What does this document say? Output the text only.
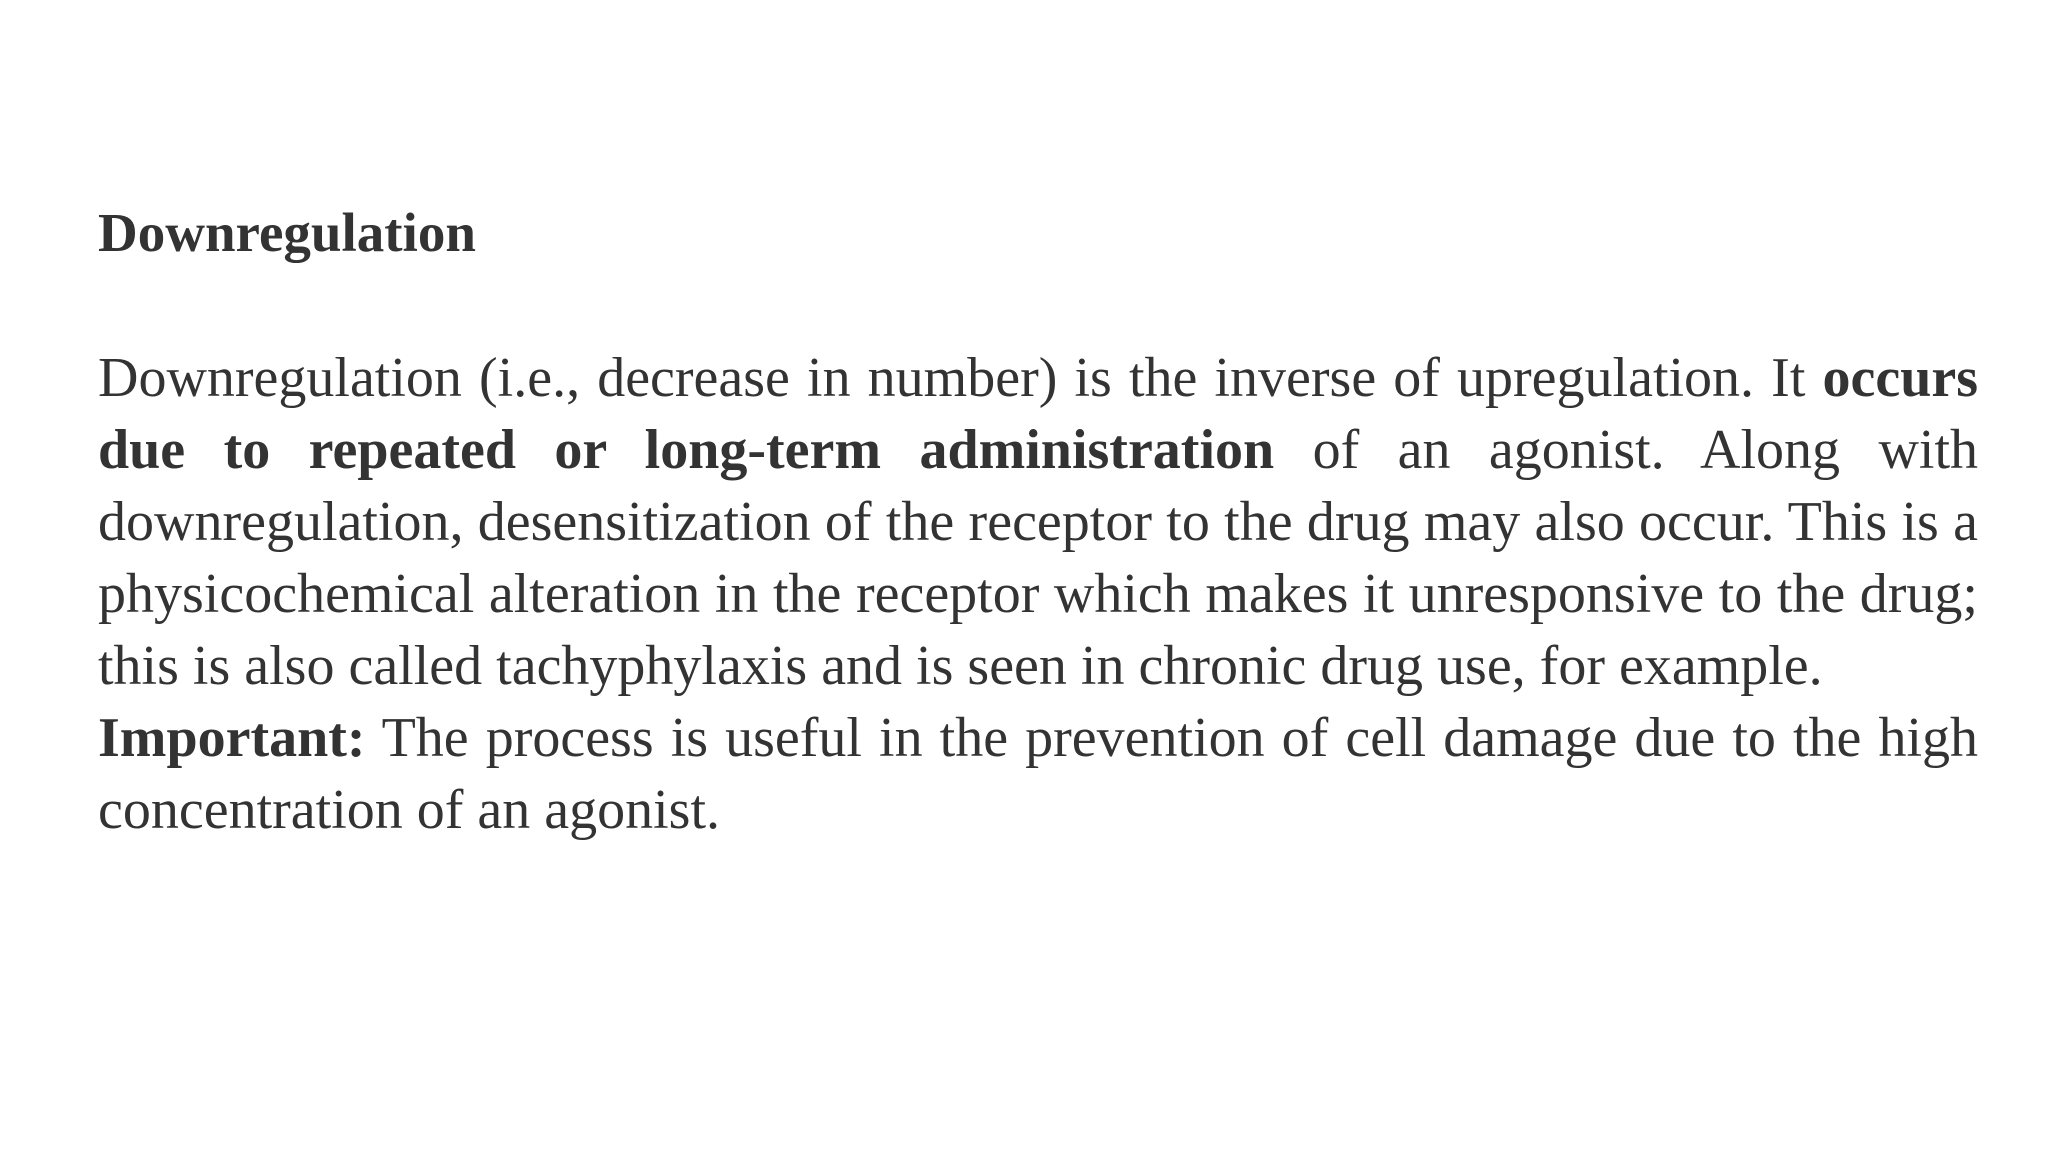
Downregulation

Downregulation (i.e., decrease in number) is the inverse of upregulation. It occurs due to repeated or long-term administration of an agonist. Along with downregulation, desensitization of the receptor to the drug may also occur. This is a physicochemical alteration in the receptor which makes it unresponsive to the drug; this is also called tachyphylaxis and is seen in chronic drug use, for example.

Important: The process is useful in the prevention of cell damage due to the high concentration of an agonist.
